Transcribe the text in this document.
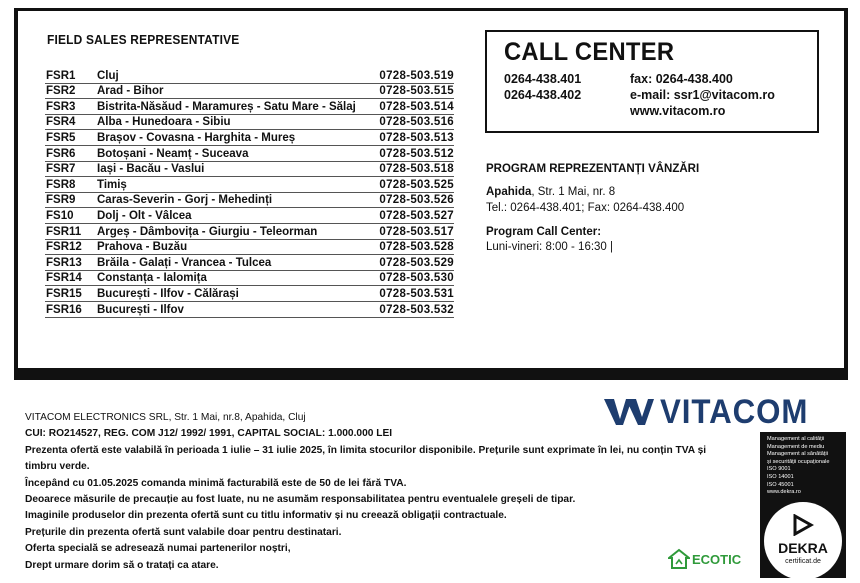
FIELD SALES REPRESENTATIVE
FSR1	Cluj	0728-503.519
FSR2	Arad - Bihor	0728-503.515
FSR3	Bistrita-Năsăud - Maramureș - Satu Mare - Sălaj	0728-503.514
FSR4	Alba - Hunedoara - Sibiu	0728-503.516
FSR5	Brașov - Covasna - Harghita - Mureș	0728-503.513
FSR6	Botoșani - Neamț - Suceava	0728-503.512
FSR7	Iași - Bacău - Vaslui	0728-503.518
FSR8	Timiș	0728-503.525
FSR9	Caras-Severin - Gorj - Mehedinți	0728-503.526
FS10	Dolj - Olt - Vâlcea	0728-503.527
FSR11	Argeș - Dâmbovița - Giurgiu - Teleorman	0728-503.517
FSR12	Prahova - Buzău	0728-503.528
FSR13	Brăila - Galați - Vrancea - Tulcea	0728-503.529
FSR14	Constanța - Ialomița	0728-503.530
FSR15	București - Ilfov - Călărași	0728-503.531
FSR16	București - Ilfov	0728-503.532
CALL CENTER
0264-438.401
0264-438.402
fax: 0264-438.400
e-mail: ssr1@vitacom.ro
www.vitacom.ro
PROGRAM REPREZENTANȚI VÂNZĂRI
Apahida, Str. 1 Mai, nr. 8
Tel.: 0264-438.401; Fax: 0264-438.400
Program Call Center:
Luni-vineri: 8:00 - 16:30 |
VITACOM ELECTRONICS SRL, Str. 1 Mai, nr.8, Apahida, Cluj
CUI: RO214527, REG. COM J12/ 1992/ 1991, CAPITAL SOCIAL: 1.000.000 LEI
Prezenta ofertă este valabilă în perioada 1 iulie – 31 iulie 2025, în limita stocurilor disponibile. Prețurile sunt exprimate în lei, nu conțin TVA și
timbru verde.
Începând cu 01.05.2025 comanda minimă facturabilă este de 50 de lei fără TVA.
Deoarece măsurile de precauție au fost luate, nu ne asumăm responsabilitatea pentru eventualele greșeli de tipar.
Imaginile produselor din prezenta ofertă sunt cu titlu informativ și nu creează obligații contractuale.
Prețurile din prezenta ofertă sunt valabile doar pentru destinatari.
Oferta specială se adresează numai partenerilor noștri,
Drept urmare dorim să o tratați ca atare.
VITACOM
Management al calității
Management de mediu
Management al sănătății
și securității ocupaționale
ISO 9001
ISO 14001
ISO 45001
www.dekra.ro
DEKRA
certificat.de
ECOTIC
